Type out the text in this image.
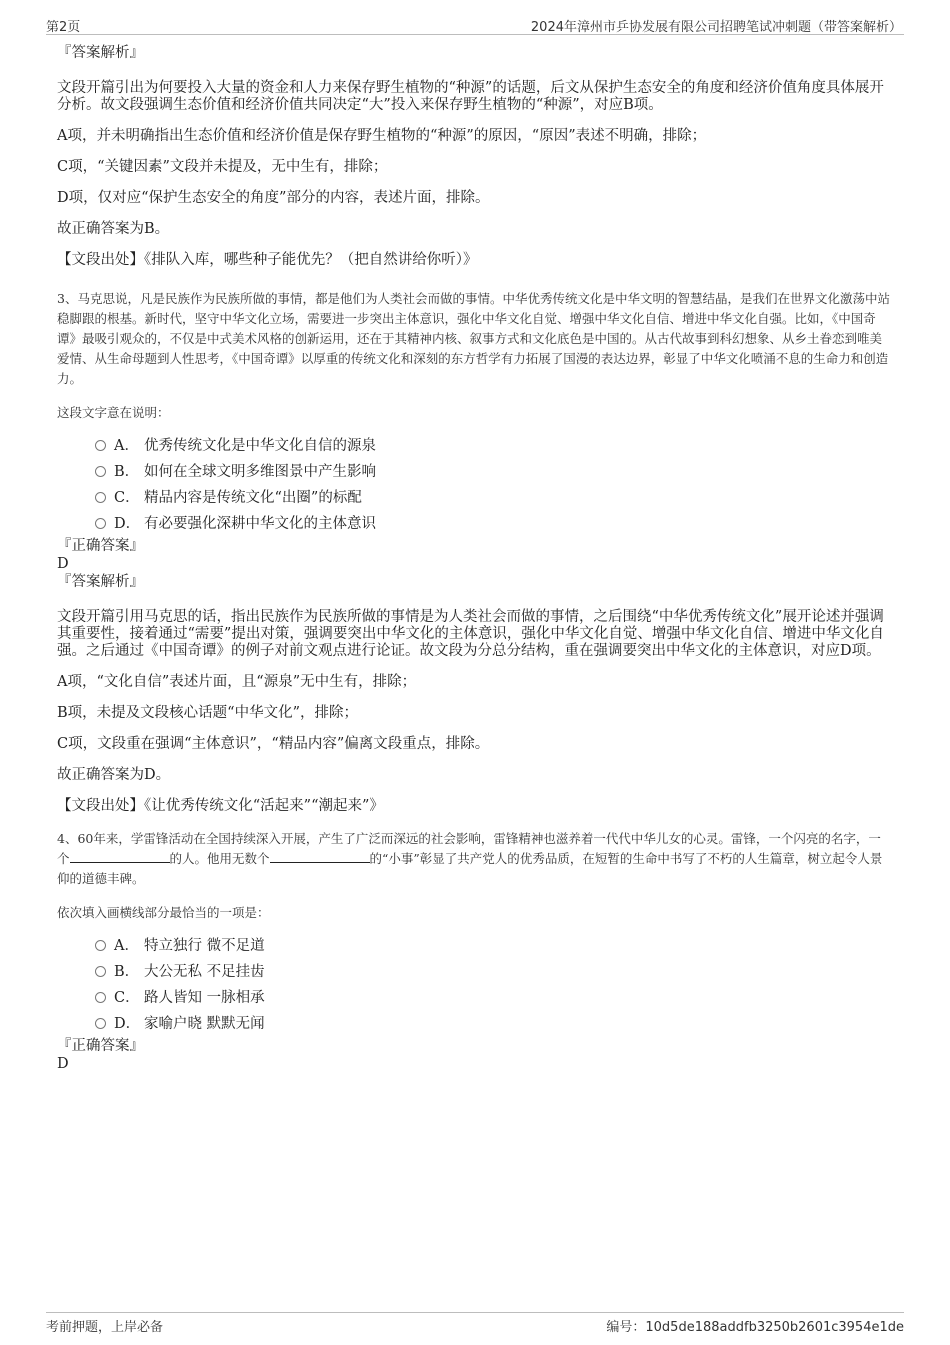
第2页	2024年漳州市乒协发展有限公司招聘笔试冲刺题（带答案解析）

『答案解析』

文段开篇引出为何要投入大量的资金和人力来保存野生植物的“种源”的话题，后文从保护生态安全的角度和经济价值角度具体展开分析。故文段强调生态价值和经济价值共同决定“大”投入来保存野生植物的“种源”，对应B项。

A项，并未明确指出生态价值和经济价值是保存野生植物的“种源”的原因，“原因”表述不明确，排除；

C项，“关键因素”文段并未提及，无中生有，排除；

D项，仅对应“保护生态安全的角度”部分的内容，表述片面，排除。

故正确答案为B。

【文段出处】《排队入库，哪些种子能优先？（把自然讲给你听）》

3、马克思说，凡是民族作为民族所做的事情，都是他们为人类社会而做的事情。中华优秀传统文化是中华文明的智慧结晶，是我们在世界文化激荡中站稳脚跟的根基。新时代，坚守中华文化立场，需要进一步突出主体意识，强化中华文化自觉、增强中华文化自信、增进中华文化自强。比如，《中国奇谭》最吸引观众的，不仅是中式美术风格的创新运用，还在于其精神内核、叙事方式和文化底色是中国的。从古代故事到科幻想象、从乡土眷恋到唯美爱情、从生命母题到人性思考，《中国奇谭》以厚重的传统文化和深刻的东方哲学有力拓展了国漫的表达边界，彰显了中华文化喷涌不息的生命力和创造力。

这段文字意在说明：

A． 优秀传统文化是中华文化自信的源泉
B． 如何在全球文明多维图景中产生影响
C． 精品内容是传统文化“出圈”的标配
D． 有必要强化深耕中华文化的主体意识

『正确答案』

D

『答案解析』

文段开篇引用马克思的话，指出民族作为民族所做的事情是为人类社会而做的事情，之后围绕“中华优秀传统文化”展开论述并强调其重要性，接着通过“需要”提出对策，强调要突出中华文化的主体意识，强化中华文化自觉、增强中华文化自信、增进中华文化自强。之后通过《中国奇谭》的例子对前文观点进行论证。故文段为分总分结构，重在强调要突出中华文化的主体意识，对应D项。

A项，“文化自信”表述片面，且“源泉”无中生有，排除；

B项，未提及文段核心话题“中华文化”，排除；

C项，文段重在强调“主体意识”，“精品内容”偏离文段重点，排除。

故正确答案为D。

【文段出处】《让优秀传统文化“活起来”“潮起来”》

4、60年来，学雷锋活动在全国持续深入开展，产生了广泛而深远的社会影响，雷锋精神也滋养着一代代中华儿女的心灵。雷锋，一个闪亮的名字，一个	的人。他用无数个	的“小事”彰显了共产党人的优秀品质，在短暂的生命中书写了不朽的人生篇章，树立起令人景仰的道德丰碑。

依次填入画横线部分最恰当的一项是：

A． 特立独行 微不足道
B． 大公无私 不足挂齿
C． 路人皆知 一脉相承
D． 家喻户晓 默默无闻

『正确答案』

D

考前押题，上岸必备	编号：10d5de188addfb3250b2601c3954e1de
